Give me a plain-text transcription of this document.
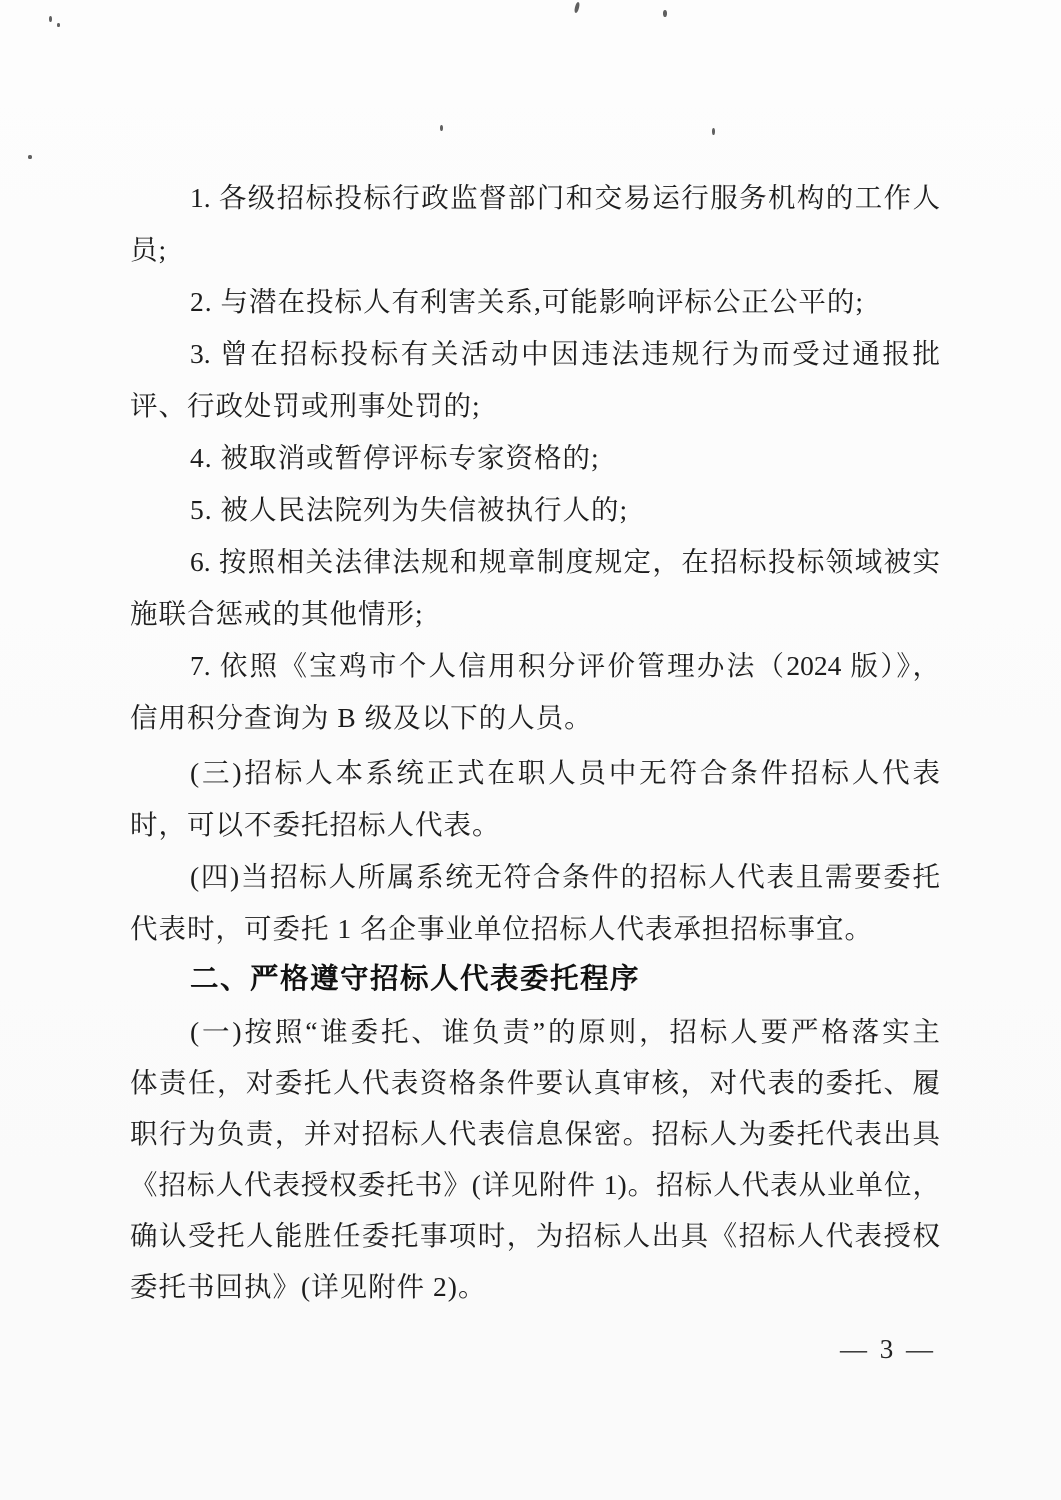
1. 各级招标投标行政监督部门和交易运行服务机构的工作人
员;
2. 与潜在投标人有利害关系,可能影响评标公正公平的;
3. 曾在招标投标有关活动中因违法违规行为而受过通报批
评、行政处罚或刑事处罚的;
4. 被取消或暂停评标专家资格的;
5. 被人民法院列为失信被执行人的;
6. 按照相关法律法规和规章制度规定，在招标投标领域被实
施联合惩戒的其他情形;
7. 依照《宝鸡市个人信用积分评价管理办法（2024 版）》，
信用积分查询为 B 级及以下的人员。
(三)招标人本系统正式在职人员中无符合条件招标人代表
时，可以不委托招标人代表。
(四)当招标人所属系统无符合条件的招标人代表且需要委托
代表时，可委托 1 名企事业单位招标人代表承担招标事宜。
二、严格遵守招标人代表委托程序
(一)按照“谁委托、谁负责”的原则，招标人要严格落实主
体责任，对委托人代表资格条件要认真审核，对代表的委托、履
职行为负责，并对招标人代表信息保密。招标人为委托代表出具
《招标人代表授权委托书》(详见附件 1)。招标人代表从业单位，
确认受托人能胜任委托事项时，为招标人出具《招标人代表授权
委托书回执》(详见附件 2)。
— 3 —
